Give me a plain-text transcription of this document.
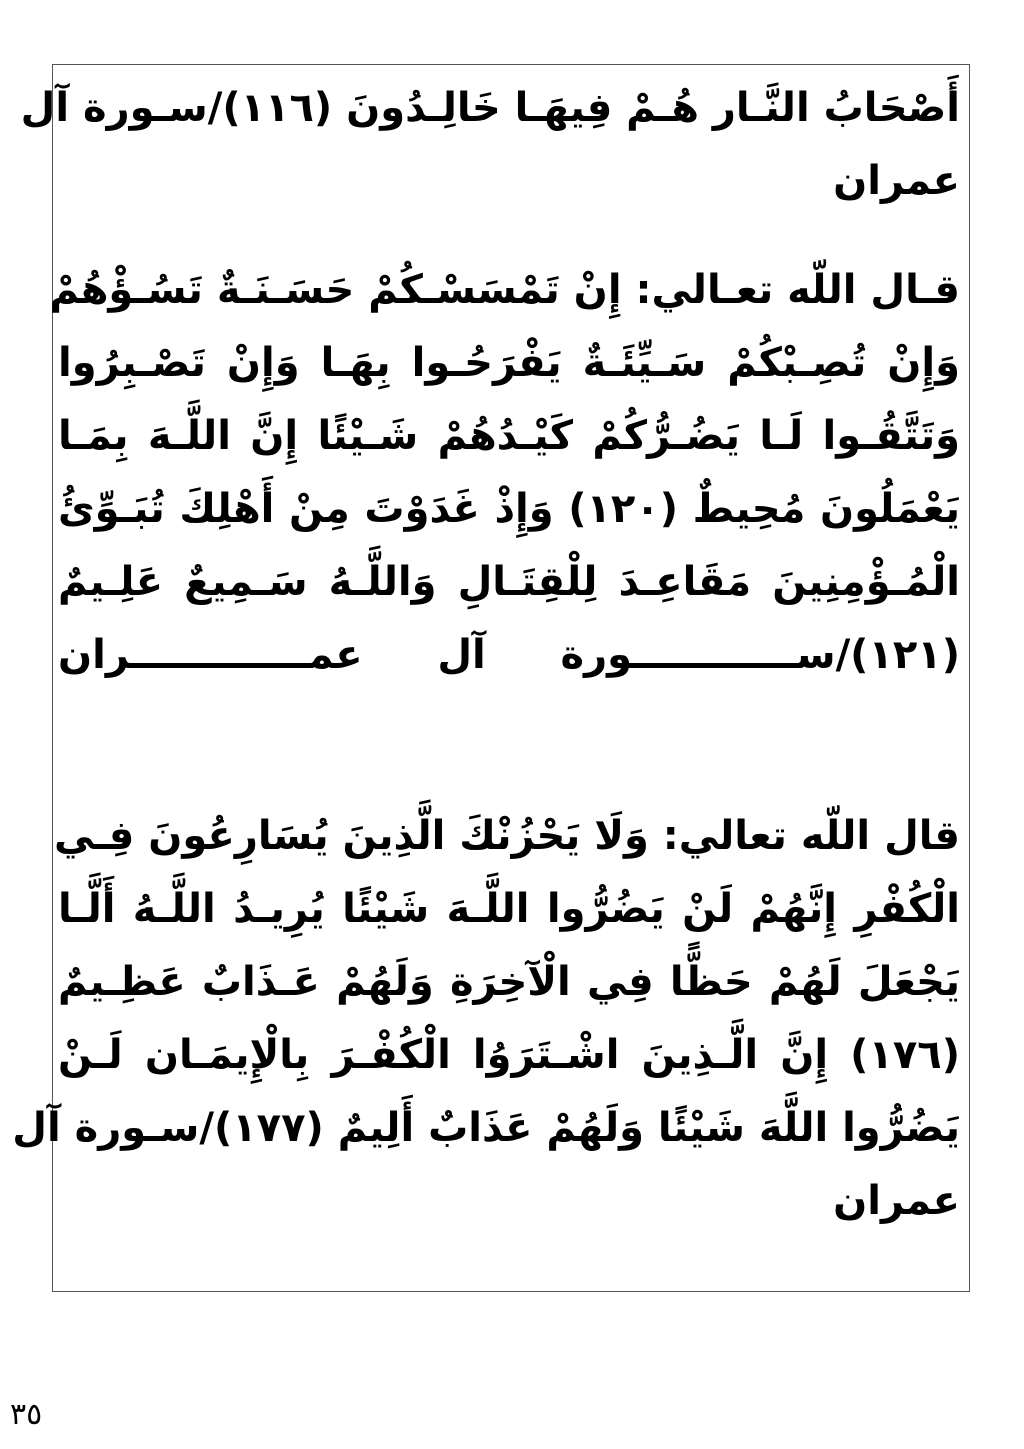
أَصْحَابُ النَّـار هُـمْ فِيهَـا خَالِـدُونَ (١١٦)/سـورة آل
عمران
قـال اللّه تعـالي: إِنْ تَمْسَسْـكُمْ حَسَـنَـةٌ تَسُـؤْهُمْ
وَإِنْ تُصِـبْكُمْ سَـيِّئَـةٌ يَفْرَحُـوا بِهَـا وَإِنْ تَصْـبِرُوا
وَتَتَّقُـوا لَـا يَضُـرُّكُمْ كَيْـدُهُمْ شَـيْئًا إِنَّ اللَّـهَ بِمَـا
يَعْمَلُونَ مُحِيطٌ (١٢٠) وَإِذْ غَدَوْتَ مِنْ أَهْلِكَ تُبَـوِّئُ
الْمُـؤْمِنِينَ مَقَاعِـدَ لِلْقِتَـالِ وَاللَّـهُ سَـمِيعٌ عَلِـيمٌ
(١٢١)/ســــــــــــورة آل عمـــــــــــــران
قال اللّه تعالي: وَلَا يَحْزُنْكَ الَّذِينَ يُسَارِعُونَ فِـي
الْكُفْرِ إِنَّهُمْ لَنْ يَضُرُّوا اللَّـهَ شَيْئًا يُرِيـدُ اللَّـهُ أَلَّـا
يَجْعَلَ لَهُمْ حَظًّا فِي الْآخِرَةِ وَلَهُمْ عَـذَابٌ عَظِـيمٌ
(١٧٦) إِنَّ الَّـذِينَ اشْـتَرَوُا الْكُفْـرَ بِالْإِيمَـان لَـنْ
يَضُرُّوا اللَّهَ شَيْئًا وَلَهُمْ عَذَابٌ أَلِيمٌ (١٧٧)/سـورة آل
عمران
٣٥
